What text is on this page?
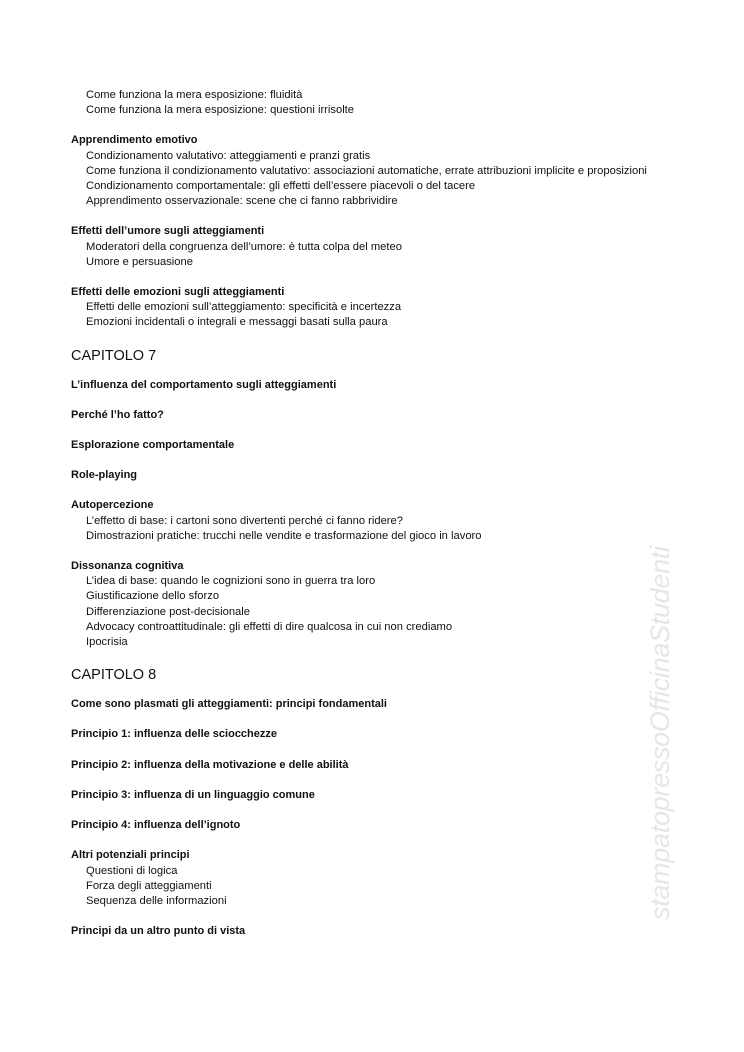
Come funziona la mera esposizione: fluidità

Come funziona la mera esposizione: questioni irrisolte

Apprendimento emotivo

Condizionamento valutativo: atteggiamenti e pranzi gratis

Come funziona il condizionamento valutativo: associazioni automatiche, errate attribuzioni implicite e proposizioni

Condizionamento comportamentale: gli effetti dell’essere piacevoli o del tacere

Apprendimento osservazionale: scene che ci fanno rabbrividire

Effetti dell’umore sugli atteggiamenti

Moderatori della congruenza dell’umore: è tutta colpa del meteo

Umore e persuasione

Effetti delle emozioni sugli atteggiamenti

Effetti delle emozioni sull’atteggiamento: specificità e incertezza

Emozioni incidentali o integrali e messaggi basati sulla paura

CAPITOLO 7

L’influenza del comportamento sugli atteggiamenti

Perché l’ho fatto?

Esplorazione comportamentale

Role-playing

Autopercezione

L’effetto di base: i cartoni sono divertenti perché ci fanno ridere?

Dimostrazioni pratiche: trucchi nelle vendite e trasformazione del gioco in lavoro

Dissonanza cognitiva

L’idea di base: quando le cognizioni sono in guerra tra loro

Giustificazione dello sforzo

Differenziazione post-decisionale

Advocacy controattitudinale: gli effetti di dire qualcosa in cui non crediamo

Ipocrisia

CAPITOLO 8

Come sono plasmati gli atteggiamenti: principi fondamentali

Principio 1: influenza delle sciocchezze

Principio 2: influenza della motivazione e delle abilità

Principio 3: influenza di un linguaggio comune

Principio 4: influenza dell’ignoto

Altri potenziali principi

Questioni di logica

Forza degli atteggiamenti

Sequenza delle informazioni

Principi da un altro punto di vista

stampatopressoOfficinaStudenti
